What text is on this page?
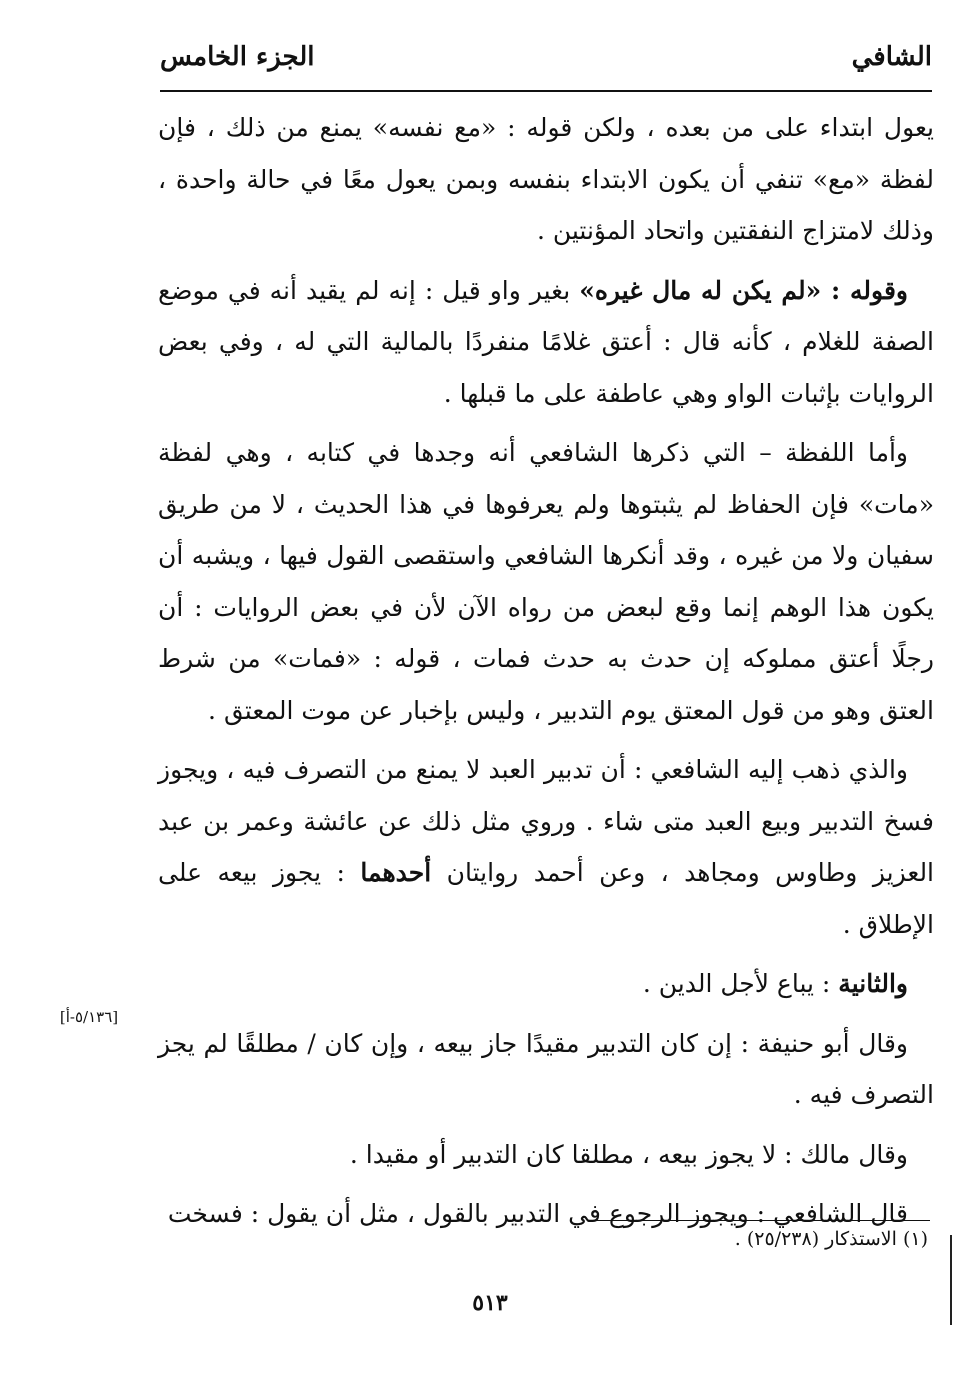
الشافي
الجزء الخامس

يعول ابتداء على من بعده ، ولكن قوله : «مع نفسه» يمنع من ذلك ، فإن لفظة «مع» تنفي أن يكون الابتداء بنفسه وبمن يعول معًا في حالة واحدة ، وذلك لامتزاج النفقتين واتحاد المؤنتين .

وقوله : «لم يكن له مال غيره» بغير واو قيل : إنه لم يقيد أنه في موضع الصفة للغلام ، كأنه قال : أعتق غلامًا منفردًا بالمالية التي له ، وفي بعض الروايات بإثبات الواو وهي عاطفة على ما قبلها .

وأما اللفظة – التي ذكرها الشافعي أنه وجدها في كتابه ، وهي لفظة «مات» فإن الحفاظ لم يثبتوها ولم يعرفوها في هذا الحديث ، لا من طريق سفيان ولا من غيره ، وقد أنكرها الشافعي واستقصى القول فيها ، ويشبه أن يكون هذا الوهم إنما وقع لبعض من رواه الآن لأن في بعض الروايات : أن رجلًا أعتق مملوكه إن حدث به حدث فمات ، قوله : «فمات» من شرط العتق وهو من قول المعتق يوم التدبير ، وليس بإخبار عن موت المعتق .

والذي ذهب إليه الشافعي : أن تدبير العبد لا يمنع من التصرف فيه ، ويجوز فسخ التدبير وبيع العبد متى شاء . وروي مثل ذلك عن عائشة وعمر بن عبد العزيز وطاوس ومجاهد ، وعن أحمد روايتان أحدهما : يجوز بيعه على الإطلاق .

والثانية : يباع لأجل الدين .

وقال أبو حنيفة : إن كان التدبير مقيدًا جاز بيعه ، وإن كان / مطلقًا لم يجز التصرف فيه .

وقال مالك : لا يجوز بيعه ، مطلقا كان التدبير أو مقيدا .

قال الشافعي : ويجوز الرجوع في التدبير بالقول ، مثل أن يقول : فسخت

[٥/١٣٦-أ]
(١) الاستذكار (٢٥/٢٣٨) .
٥١٣
